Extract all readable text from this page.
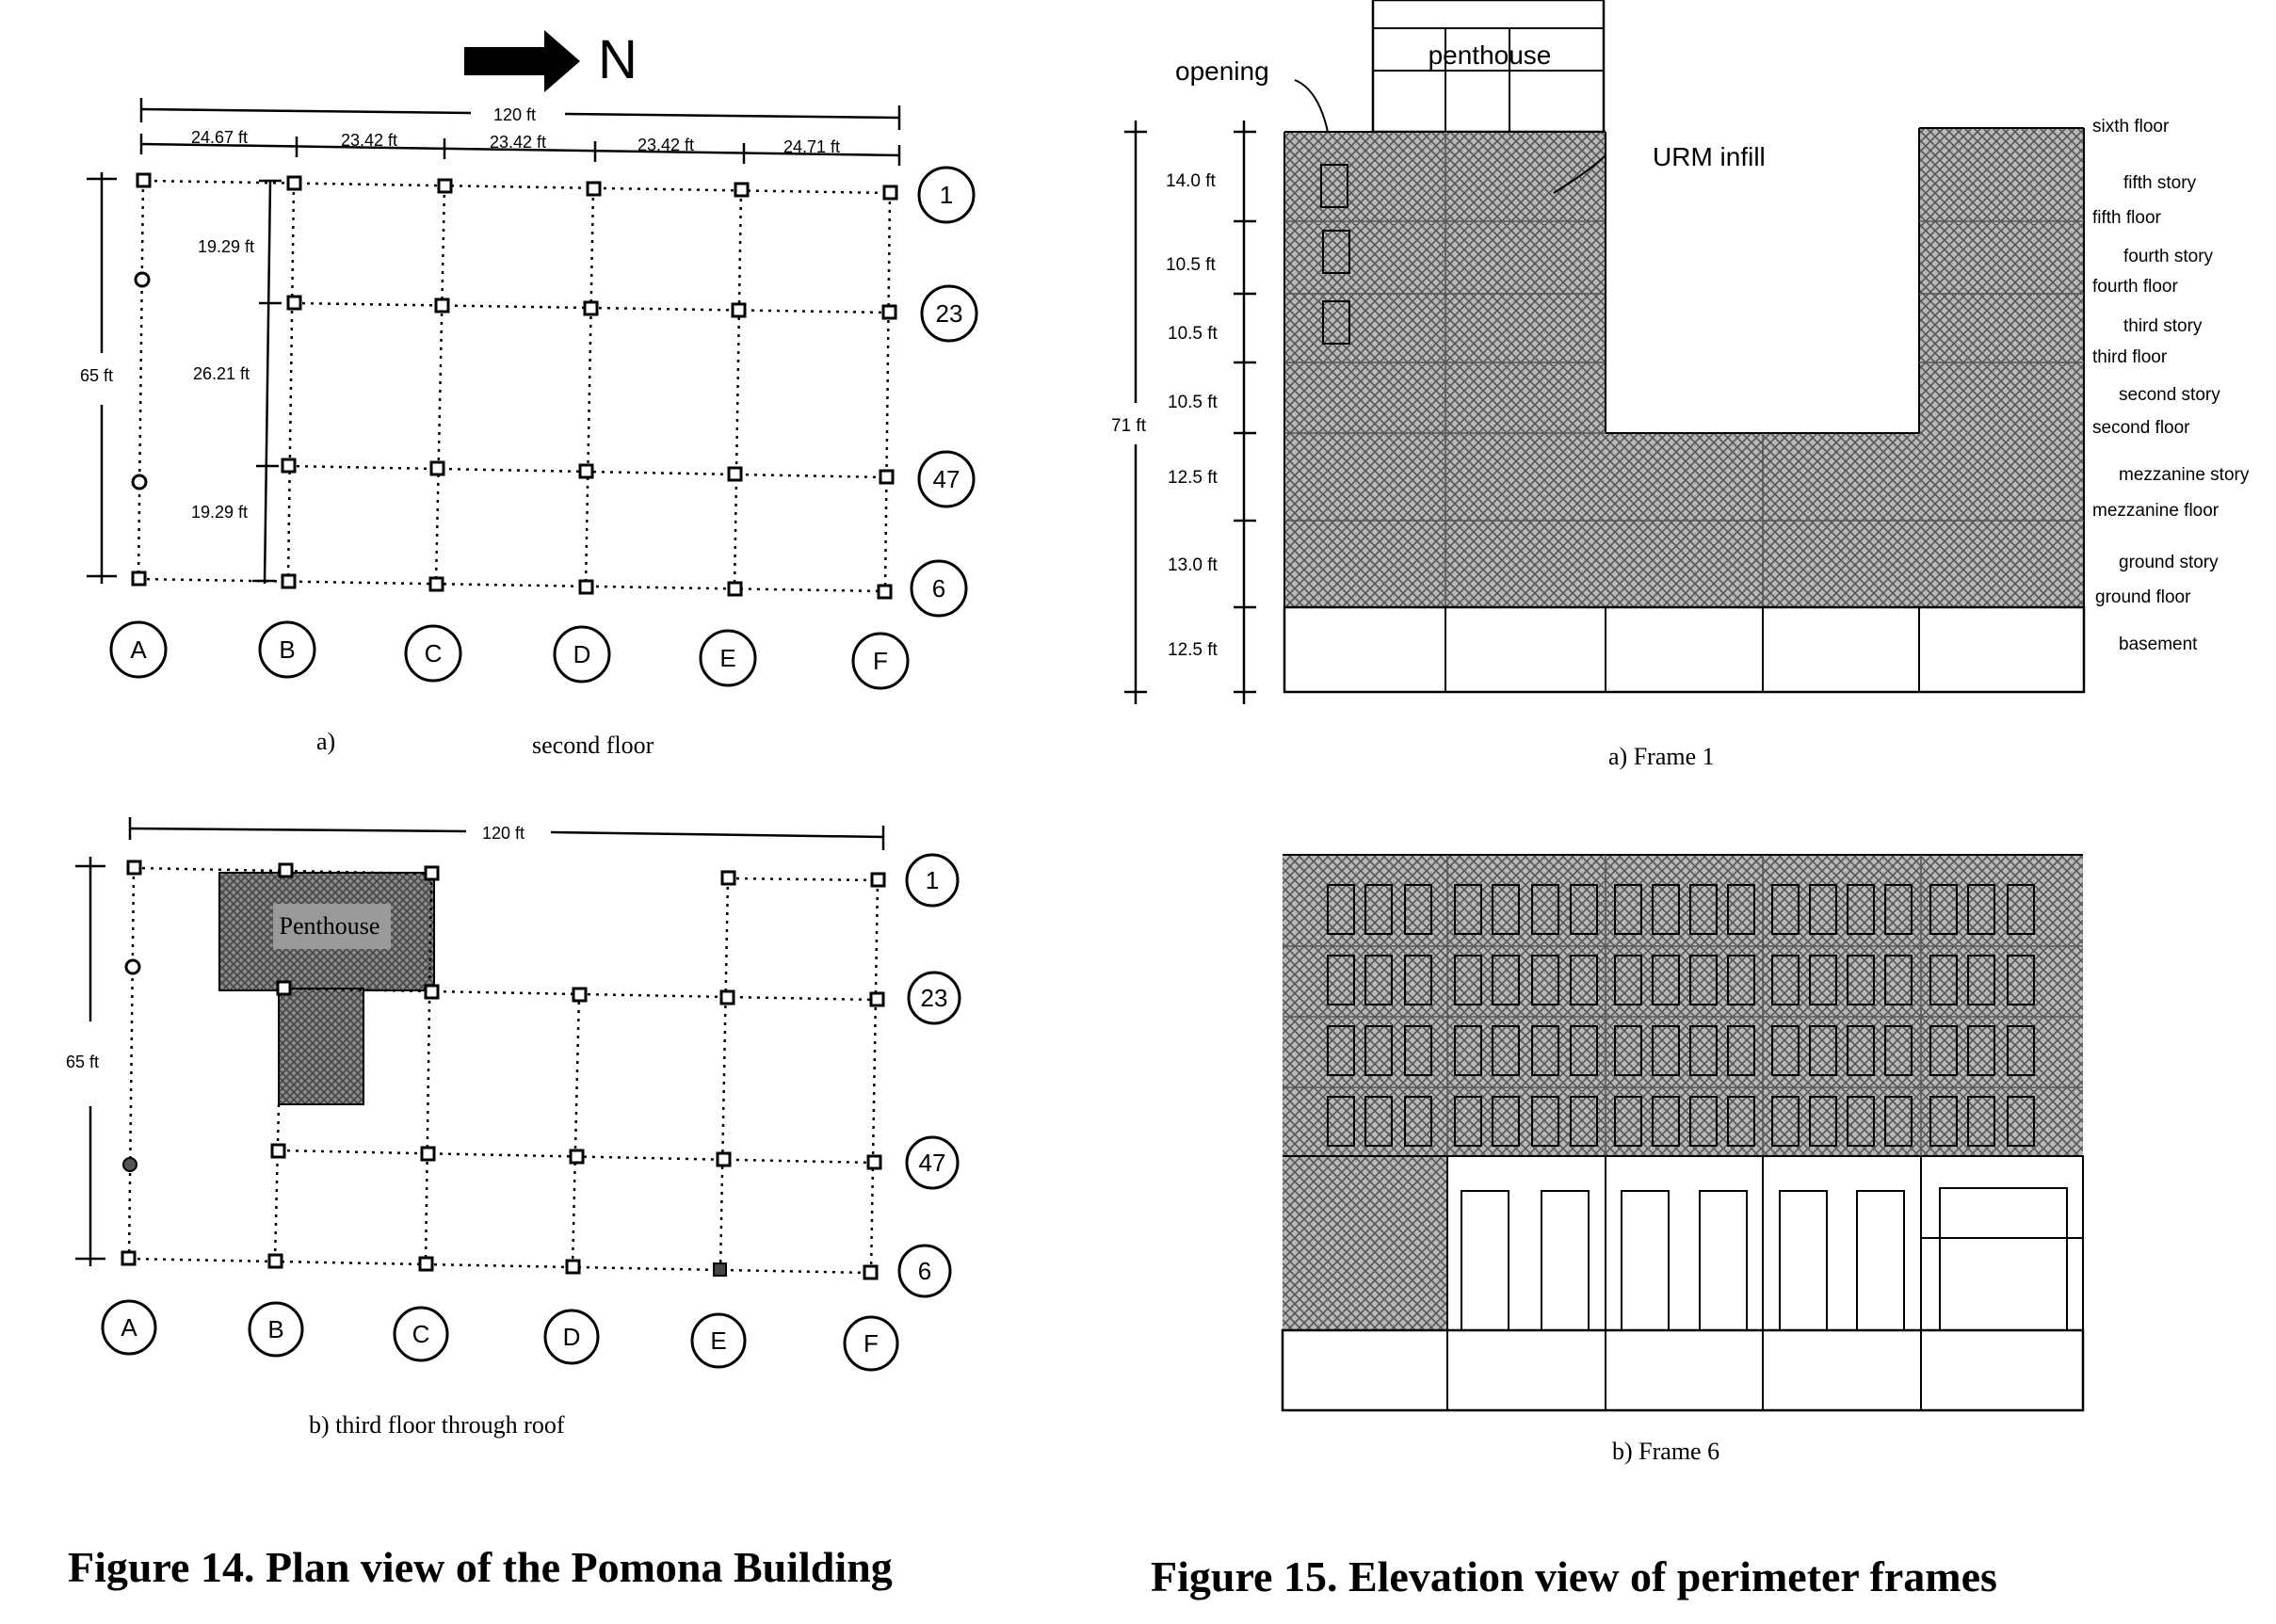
N
120 ft
24.67 ft	23.42 ft	23.42 ft	23.42 ft	24.71 ft
65 ft
19.29 ft
26.21 ft
19.29 ft
1
23
47
6
A	B	C	D	E	F
a)	second floor
120 ft
65 ft
Penthouse
1
23
47
6
A	B	C	D	E	F
b) third floor through roof
Figure 14. Plan view of the Pomona Building
penthouse
opening
URM infill
14.0 ft
10.5 ft
10.5 ft
10.5 ft
12.5 ft
13.0 ft
12.5 ft
71 ft
sixth floor
fifth story
fifth floor
fourth story
fourth floor
third story
third floor
second story
second floor
mezzanine story
mezzanine floor
ground story
ground floor
basement
a) Frame 1
b) Frame 6
Figure 15. Elevation view of perimeter frames
